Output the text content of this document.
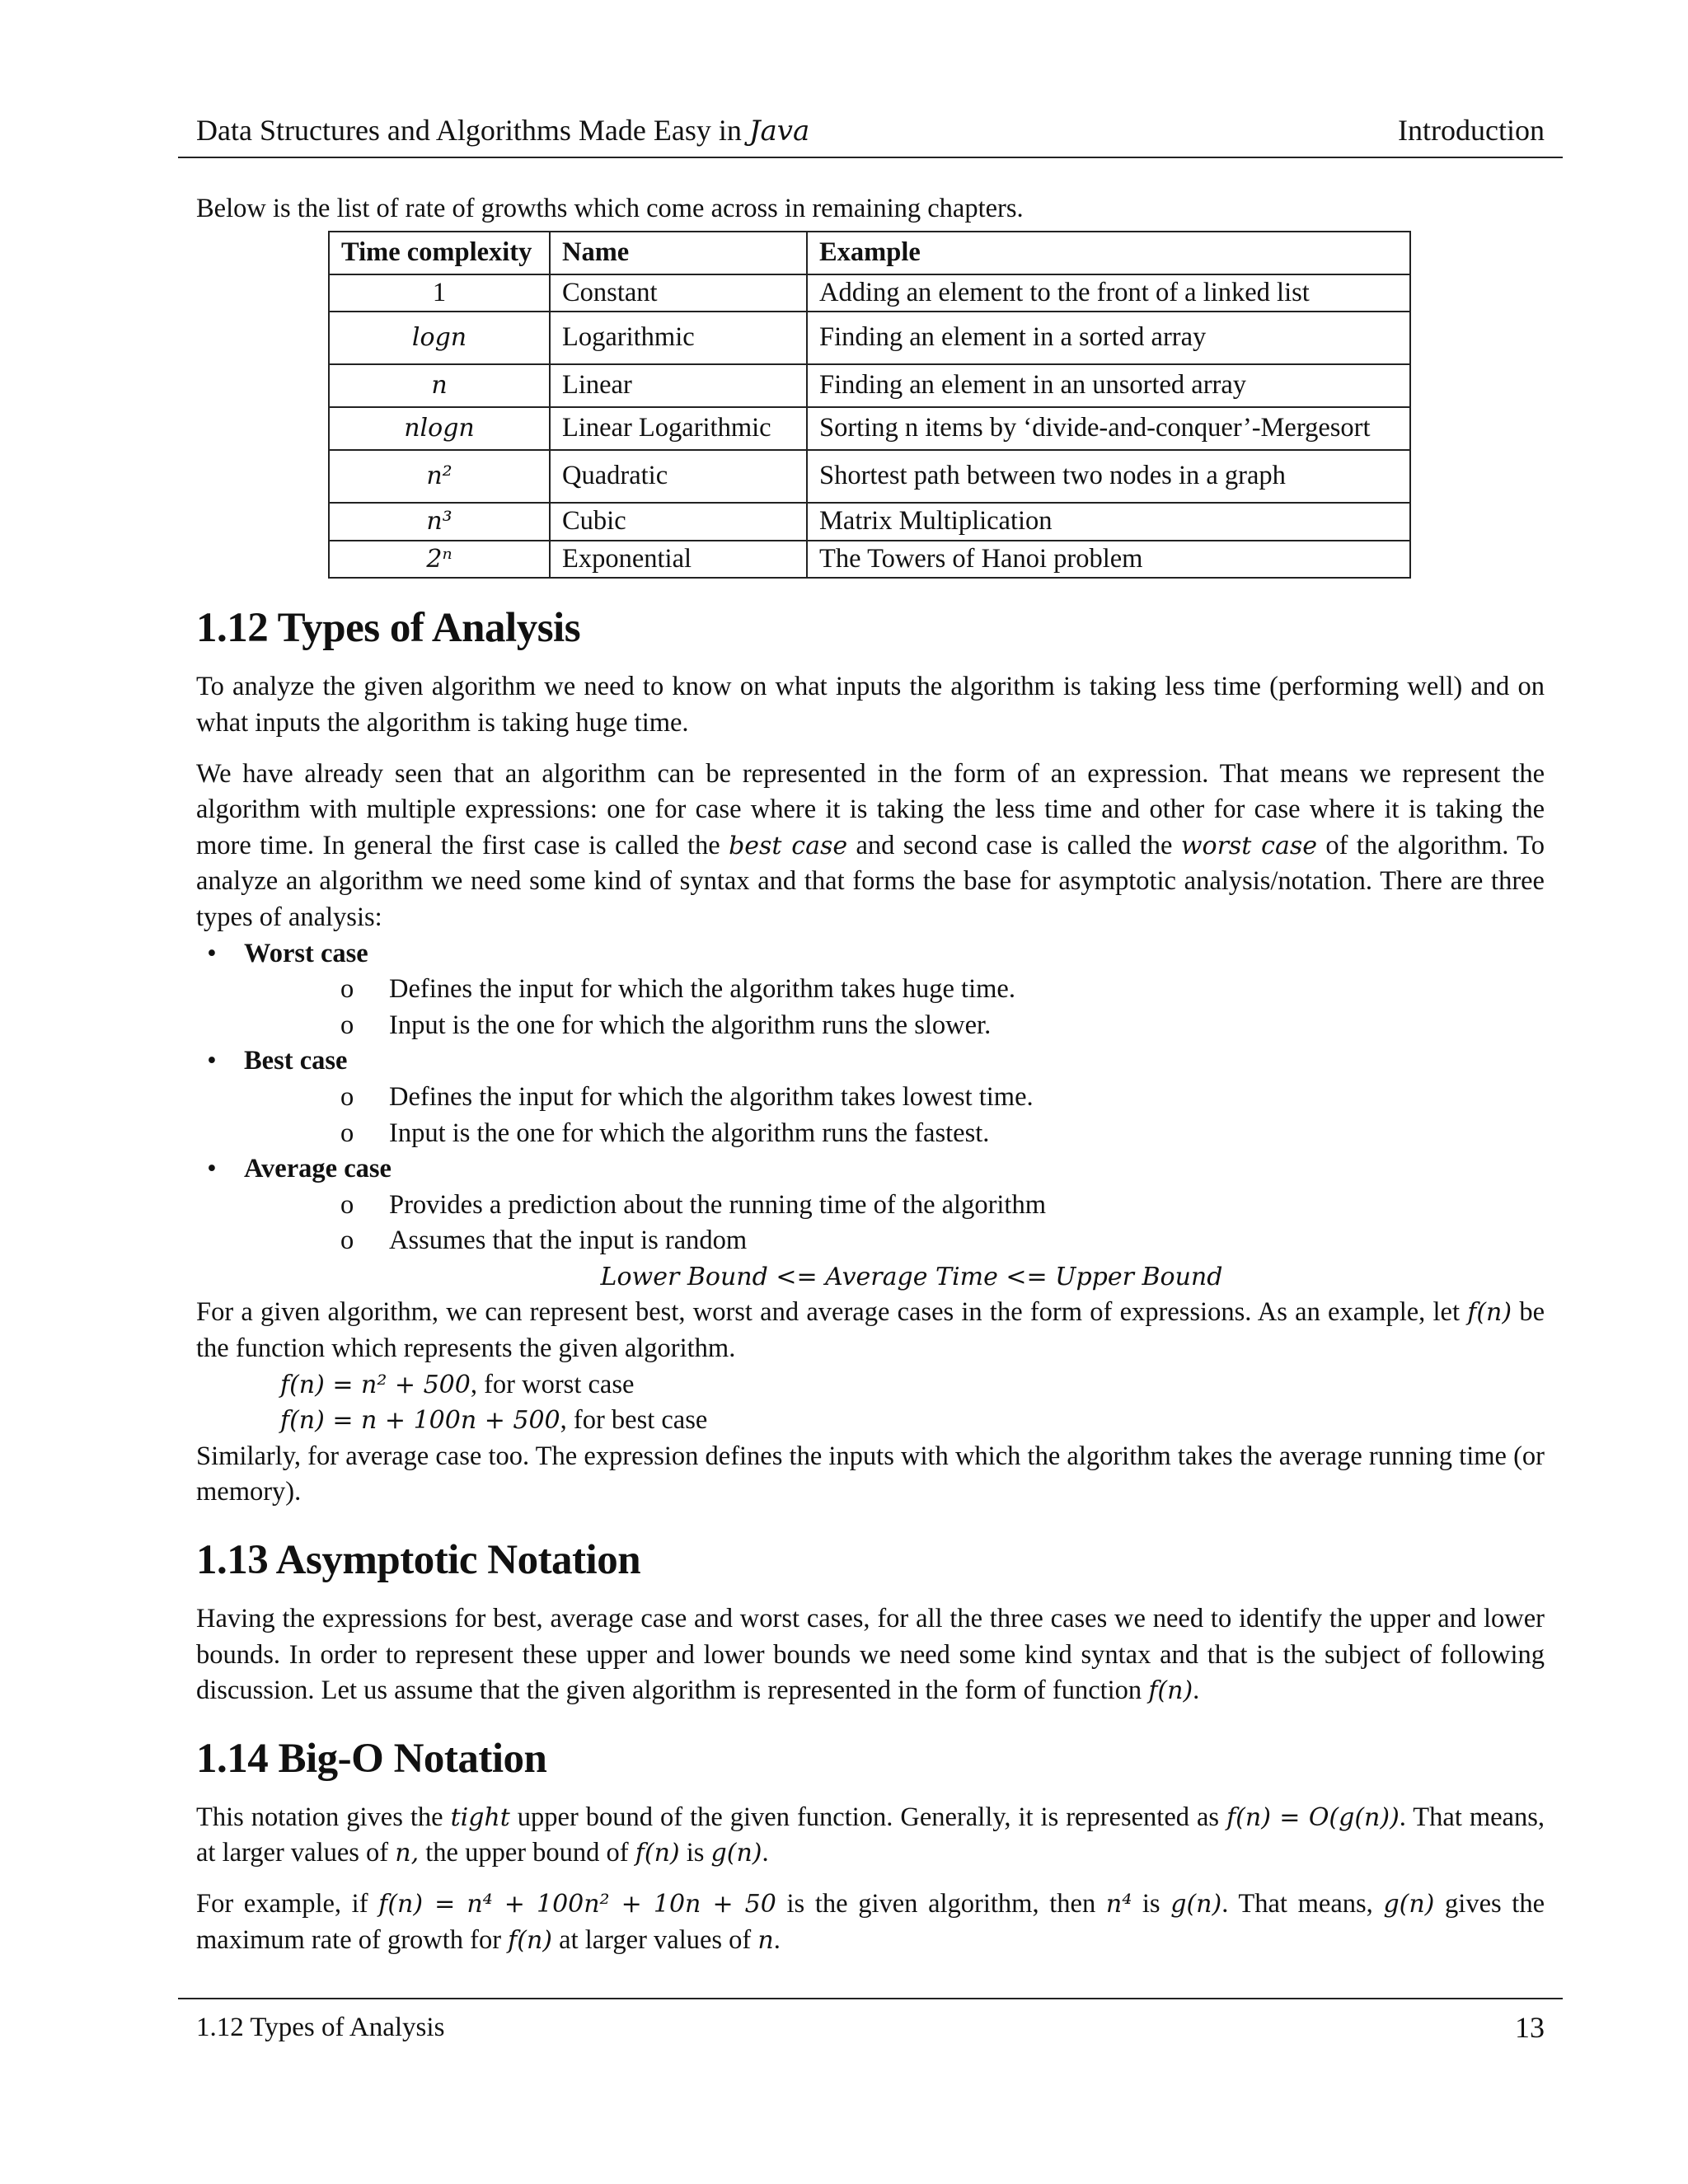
Data Structures and Algorithms Made Easy in Java	Introduction

Below is the list of rate of growths which come across in remaining chapters.

Time complexity	Name	Example
1	Constant	Adding an element to the front of a linked list
logn	Logarithmic	Finding an element in a sorted array
n	Linear	Finding an element in an unsorted array
nlogn	Linear Logarithmic	Sorting n items by ‘divide-and-conquer’-Mergesort
n²	Quadratic	Shortest path between two nodes in a graph
n³	Cubic	Matrix Multiplication
2ⁿ	Exponential	The Towers of Hanoi problem
1.12 Types of Analysis

To analyze the given algorithm we need to know on what inputs the algorithm is taking less time (performing well) and on what inputs the algorithm is taking huge time.

We have already seen that an algorithm can be represented in the form of an expression. That means we represent the algorithm with multiple expressions: one for case where it is taking the less time and other for case where it is taking the more time. In general the first case is called the best case and second case is called the worst case of the algorithm. To analyze an algorithm we need some kind of syntax and that forms the base for asymptotic analysis/notation. There are three types of analysis:

• Worst case
o Defines the input for which the algorithm takes huge time.
o Input is the one for which the algorithm runs the slower.
• Best case
o Defines the input for which the algorithm takes lowest time.
o Input is the one for which the algorithm runs the fastest.
• Average case
o Provides a prediction about the running time of the algorithm
o Assumes that the input is random

Lower Bound <= Average Time <= Upper Bound

For a given algorithm, we can represent best, worst and average cases in the form of expressions. As an example, let f(n) be the function which represents the given algorithm.

f(n) = n² + 500, for worst case

f(n) = n + 100n + 500, for best case

Similarly, for average case too. The expression defines the inputs with which the algorithm takes the average running time (or memory).

1.13 Asymptotic Notation

Having the expressions for best, average case and worst cases, for all the three cases we need to identify the upper and lower bounds. In order to represent these upper and lower bounds we need some kind syntax and that is the subject of following discussion. Let us assume that the given algorithm is represented in the form of function f(n).

1.14 Big-O Notation

This notation gives the tight upper bound of the given function. Generally, it is represented as f(n) = O(g(n)). That means, at larger values of n, the upper bound of f(n) is g(n).

For example, if f(n) = n⁴ + 100n² + 10n + 50 is the given algorithm, then n⁴ is g(n). That means, g(n) gives the maximum rate of growth for f(n) at larger values of n.

1.12 Types of Analysis	13
